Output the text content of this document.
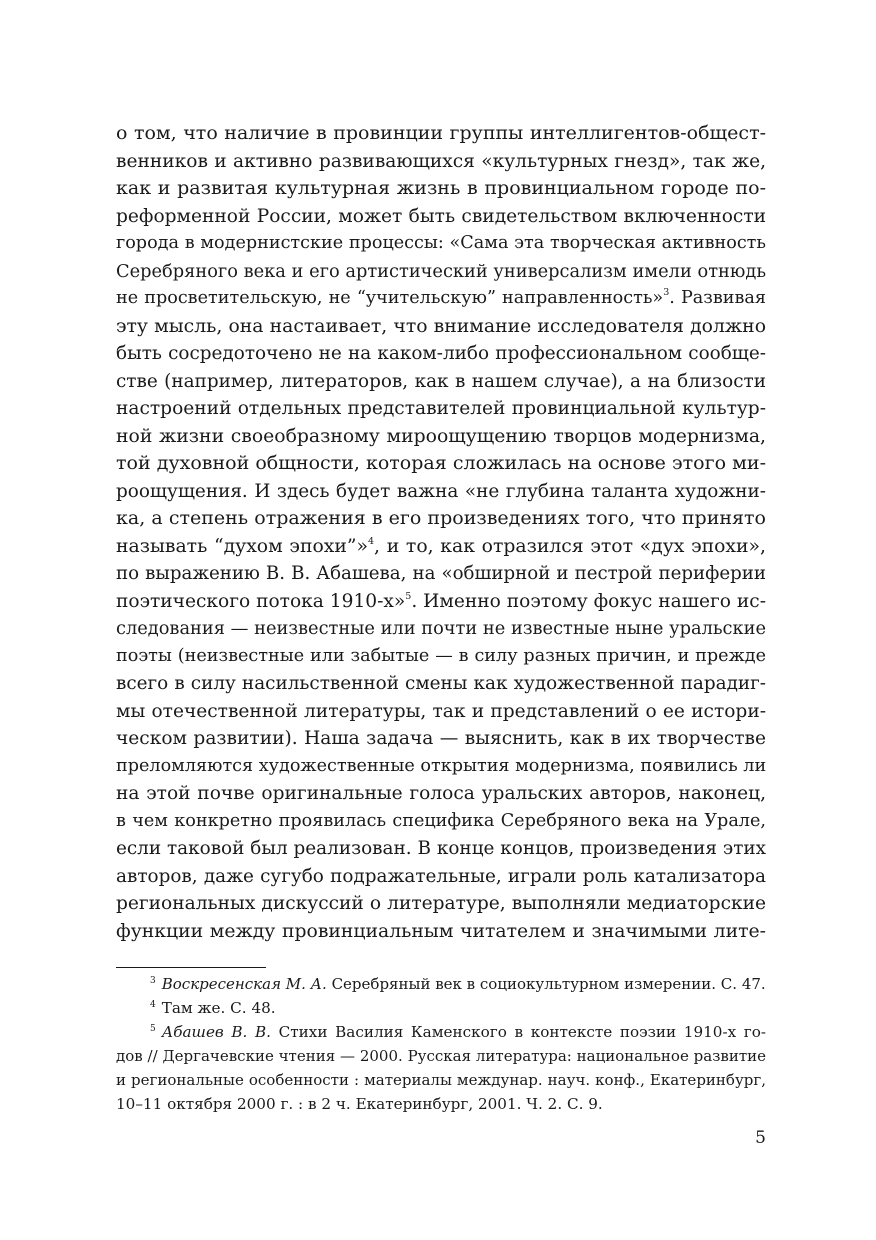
о том, что наличие в провинции группы интеллигентов-общест-
венников и активно развивающихся «культурных гнезд», так же,
как и развитая культурная жизнь в провинциальном городе по-
реформенной России, может быть свидетельством включенности
города в модернистские процессы: «Сама эта творческая активность
Серебряного века и его артистический универсализм имели отнюдь
не просветительскую, не “учительскую” направленность»$^3$. Развивая
эту мысль, она настаивает, что внимание исследователя должно
быть сосредоточено не на каком-либо профессиональном сообще-
стве (например, литераторов, как в нашем случае), а на близости
настроений отдельных представителей провинциальной культур-
ной жизни своеобразному мироощущению творцов модернизма,
той духовной общности, которая сложилась на основе этого ми-
роощущения. И здесь будет важна «не глубина таланта художни-
ка, а степень отражения в его произведениях того, что принято
называть “духом эпохи”»$^4$, и то, как отразился этот «дух эпохи»,
по выражению В. В. Абашева, на «обширной и пестрой периферии
поэтического потока 1910-х»$^5$. Именно поэтому фокус нашего ис-
следования — неизвестные или почти не известные ныне уральские
поэты (неизвестные или забытые — в силу разных причин, и прежде
всего в силу насильственной смены как художественной парадиг-
мы отечественной литературы, так и представлений о ее истори-
ческом развитии). Наша задача — выяснить, как в их творчестве
преломляются художественные открытия модернизма, появились ли
на этой почве оригинальные голоса уральских авторов, наконец,
в чем конкретно проявилась специфика Серебряного века на Урале,
если таковой был реализован. В конце концов, произведения этих
авторов, даже сугубо подражательные, играли роль катализатора
региональных дискуссий о литературе, выполняли медиаторские
функции между провинциальным читателем и значимыми лите-
$^3$ Воскресенская М. А. Серебряный век в социокультурном измерении. С. 47.
$^4$ Там же. С. 48.
$^5$ Абашев В. В. Стихи Василия Каменского в контексте поэзии 1910-х го-
дов // Дергачевские чтения — 2000. Русская литература: национальное развитие
и региональные особенности : материалы междунар. науч. конф., Екатеринбург,
10–11 октября 2000 г. : в 2 ч. Екатеринбург, 2001. Ч. 2. С. 9.
5
